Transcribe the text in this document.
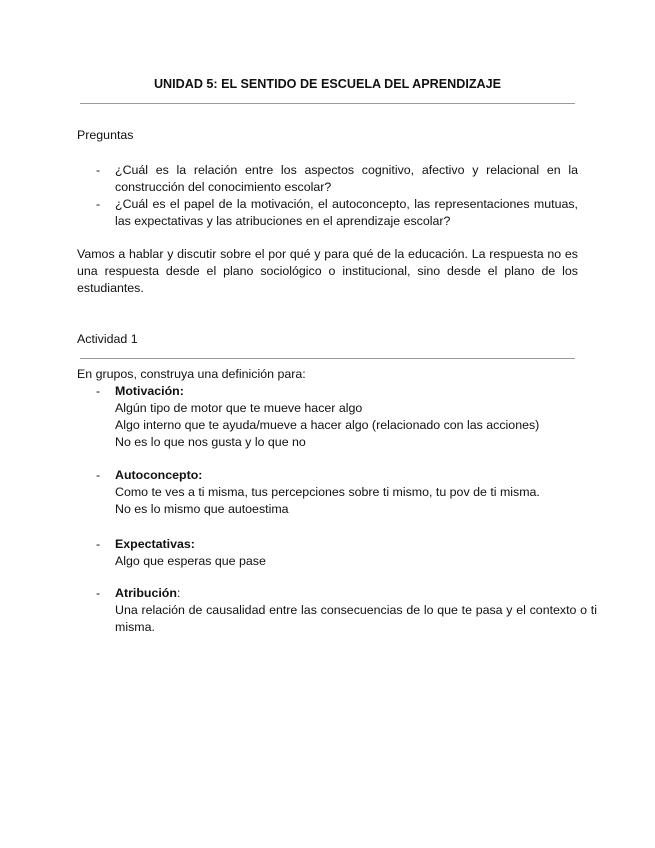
UNIDAD 5: EL SENTIDO DE ESCUELA DEL APRENDIZAJE
Preguntas

- ¿Cuál es la relación entre los aspectos cognitivo, afectivo y relacional en la construcción del conocimiento escolar?

- ¿Cuál es el papel de la motivación, el autoconcepto, las representaciones mutuas, las expectativas y las atribuciones en el aprendizaje escolar?

Vamos a hablar y discutir sobre el por qué y para qué de la educación. La respuesta no es una respuesta desde el plano sociológico o institucional, sino desde el plano de los estudiantes.

Actividad 1
En grupos, construya una definición para:
- Motivación:
Algún tipo de motor que te mueve hacer algo
Algo interno que te ayuda/mueve a hacer algo (relacionado con las acciones)
No es lo que nos gusta y lo que no
- Autoconcepto:
Como te ves a ti misma, tus percepciones sobre ti mismo, tu pov de ti misma.
No es lo mismo que autoestima
- Expectativas:
Algo que esperas que pase
- Atribución:
Una relación de causalidad entre las consecuencias de lo que te pasa y el contexto o ti misma.
